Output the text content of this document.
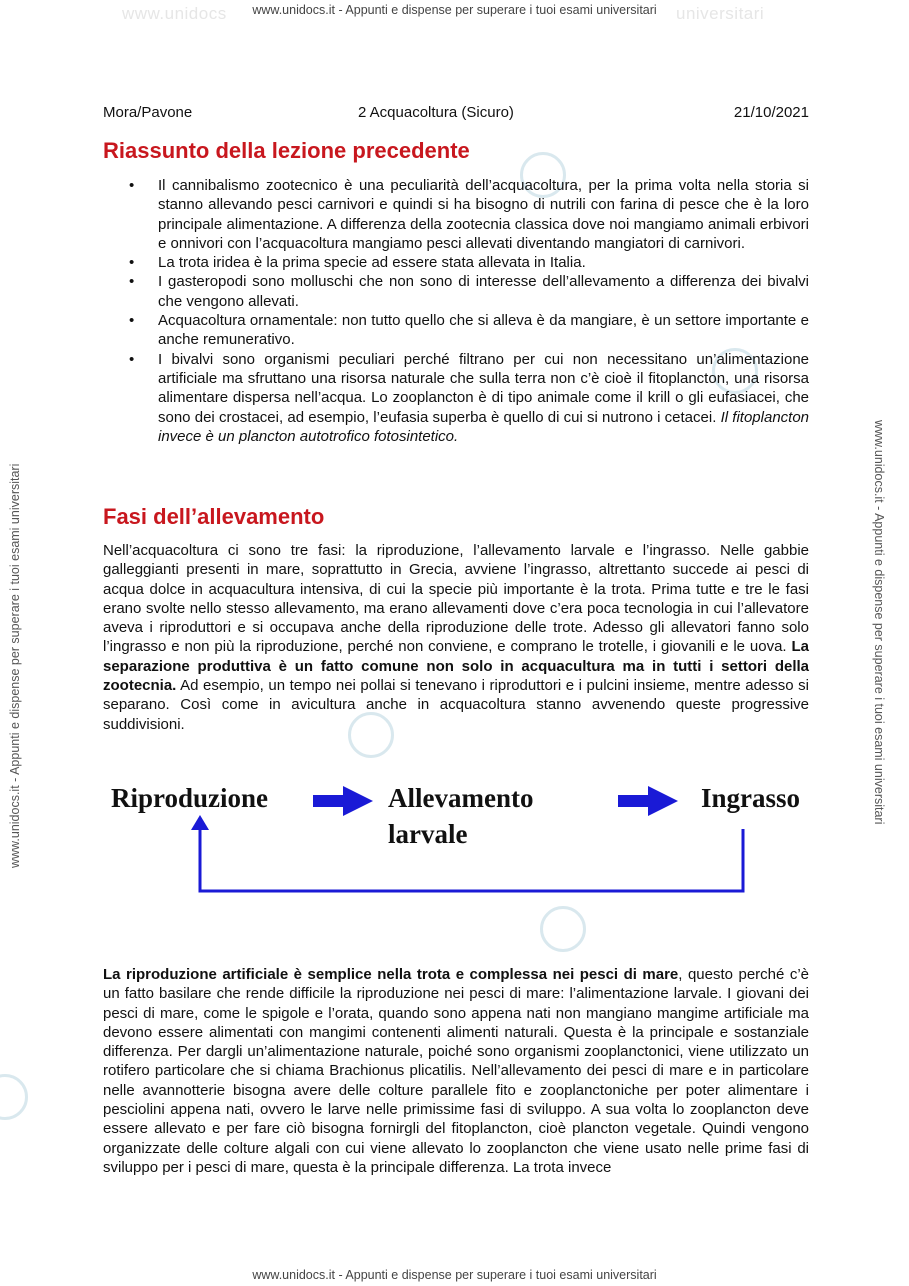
www.unidocs	universitari
www.unidocs.it - Appunti e dispense per superare i tuoi esami universitari
www.unidocs.it - Appunti e dispense per superare i tuoi esami universitari
www.unidocs.it - Appunti e dispense per superare i tuoi esami universitari	www.unidocs.it - Appunti e dispense per superare i tuoi esami universitari
Mora/Pavone	2 Acquacoltura (Sicuro)	21/10/2021
Riassunto della lezione precedente
• Il cannibalismo zootecnico è una peculiarità dell’acquacoltura, per la prima volta nella storia si stanno allevando pesci carnivori e quindi si ha bisogno di nutrili con farina di pesce che è la loro principale alimentazione. A differenza della zootecnia classica dove noi mangiamo animali erbivori e onnivori con l’acquacoltura mangiamo pesci allevati diventando mangiatori di carnivori.
• La trota iridea è la prima specie ad essere stata allevata in Italia.
• I gasteropodi sono molluschi che non sono di interesse dell’allevamento a differenza dei bivalvi che vengono allevati.
• Acquacoltura ornamentale: non tutto quello che si alleva è da mangiare, è un settore importante e anche remunerativo.
• I bivalvi sono organismi peculiari perché filtrano per cui non necessitano un’alimentazione artificiale ma sfruttano una risorsa naturale che sulla terra non c’è cioè il fitoplancton, una risorsa alimentare dispersa nell’acqua. Lo zooplancton è di tipo animale come il krill o gli eufasiacei, che sono dei crostacei, ad esempio, l’eufasia superba è quello di cui si nutrono i cetacei. Il fitoplancton invece è un plancton autotrofico fotosintetico.
Fasi dell’allevamento

Nell’acquacoltura ci sono tre fasi: la riproduzione, l’allevamento larvale e l’ingrasso. Nelle gabbie galleggianti presenti in mare, soprattutto in Grecia, avviene l’ingrasso, altrettanto succede ai pesci di acqua dolce in acquacultura intensiva, di cui la specie più importante è la trota. Prima tutte e tre le fasi erano svolte nello stesso allevamento, ma erano allevamenti dove c’era poca tecnologia in cui l’allevatore aveva i riproduttori e si occupava anche della riproduzione delle trote. Adesso gli allevatori fanno solo l’ingrasso e non più la riproduzione, perché non conviene, e comprano le trotelle, i giovanili e le uova. La separazione produttiva è un fatto comune non solo in acquacultura ma in tutti i settori della zootecnia. Ad esempio, un tempo nei pollai si tenevano i riproduttori e i pulcini insieme, mentre adesso si separano. Così come in avicultura anche in acquacoltura stanno avvenendo queste progressive suddivisioni.

Riproduzione	Allevamento
larvale
Ingrasso

La riproduzione artificiale è semplice nella trota e complessa nei pesci di mare, questo perché c’è un fatto basilare che rende difficile la riproduzione nei pesci di mare: l’alimentazione larvale. I giovani dei pesci di mare, come le spigole e l’orata, quando sono appena nati non mangiano mangime artificiale ma devono essere alimentati con mangimi contenenti alimenti naturali. Questa è la principale e sostanziale differenza. Per dargli un’alimentazione naturale, poiché sono organismi zooplanctonici, viene utilizzato un rotifero particolare che si chiama Brachionus plicatilis. Nell’allevamento dei pesci di mare e in particolare nelle avannotterie bisogna avere delle colture parallele fito e zooplanctoniche per poter alimentare i pesciolini appena nati, ovvero le larve nelle primissime fasi di sviluppo. A sua volta lo zooplancton deve essere allevato e per fare ciò bisogna fornirgli del fitoplancton, cioè plancton vegetale. Quindi vengono organizzate delle colture algali con cui viene allevato lo zooplancton che viene usato nelle prime fasi di sviluppo per i pesci di mare, questa è la principale differenza. La trota invece
